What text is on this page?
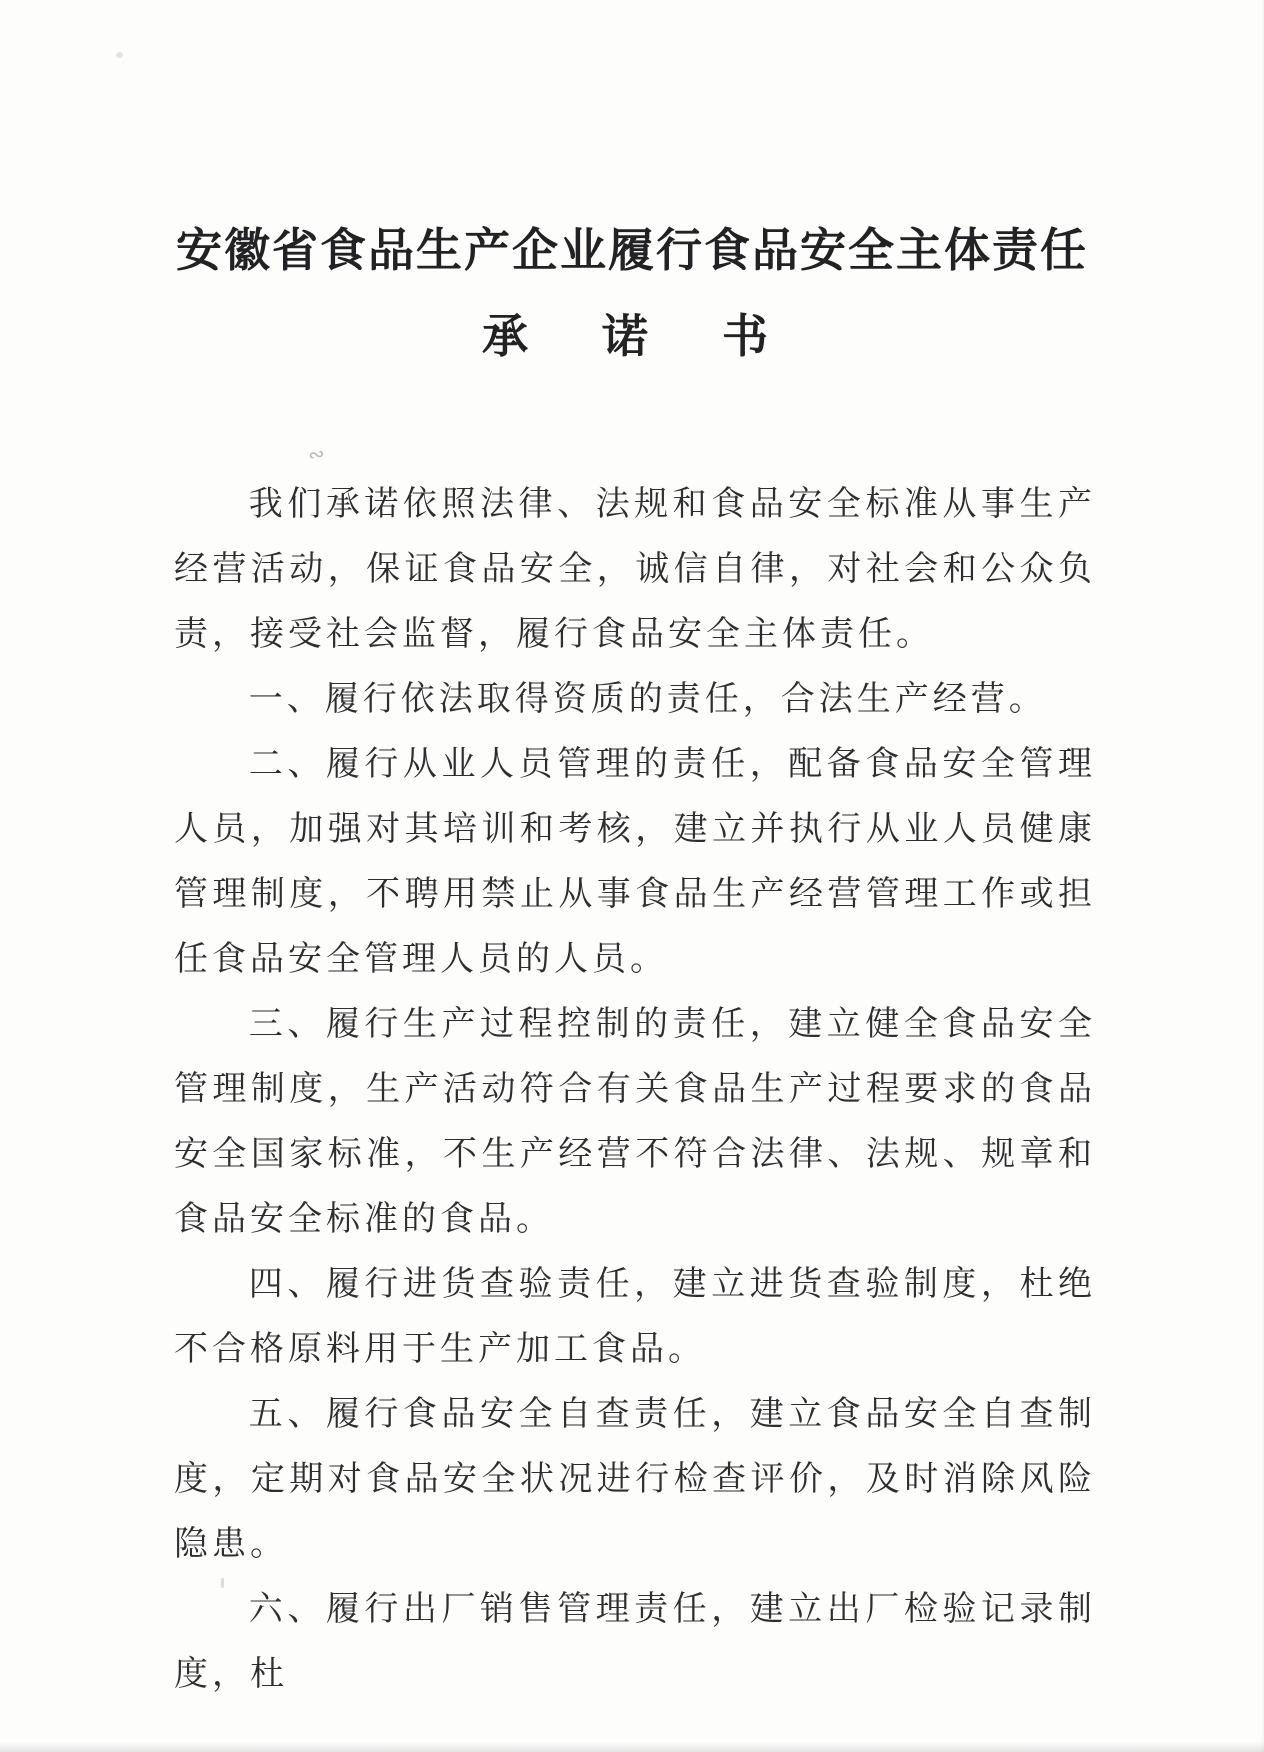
安徽省食品生产企业履行食品安全主体责任
承　诺　书

我们承诺依照法律、法规和食品安全标准从事生产经营活动，保证食品安全，诚信自律，对社会和公众负责，接受社会监督，履行食品安全主体责任。

一、履行依法取得资质的责任，合法生产经营。

二、履行从业人员管理的责任，配备食品安全管理人员，加强对其培训和考核，建立并执行从业人员健康管理制度，不聘用禁止从事食品生产经营管理工作或担任食品安全管理人员的人员。

三、履行生产过程控制的责任，建立健全食品安全管理制度，生产活动符合有关食品生产过程要求的食品安全国家标准，不生产经营不符合法律、法规、规章和食品安全标准的食品。

四、履行进货查验责任，建立进货查验制度，杜绝不合格原料用于生产加工食品。

五、履行食品安全自查责任，建立食品安全自查制度，定期对食品安全状况进行检查评价，及时消除风险隐患。

六、履行出厂销售管理责任，建立出厂检验记录制度，杜

∾
